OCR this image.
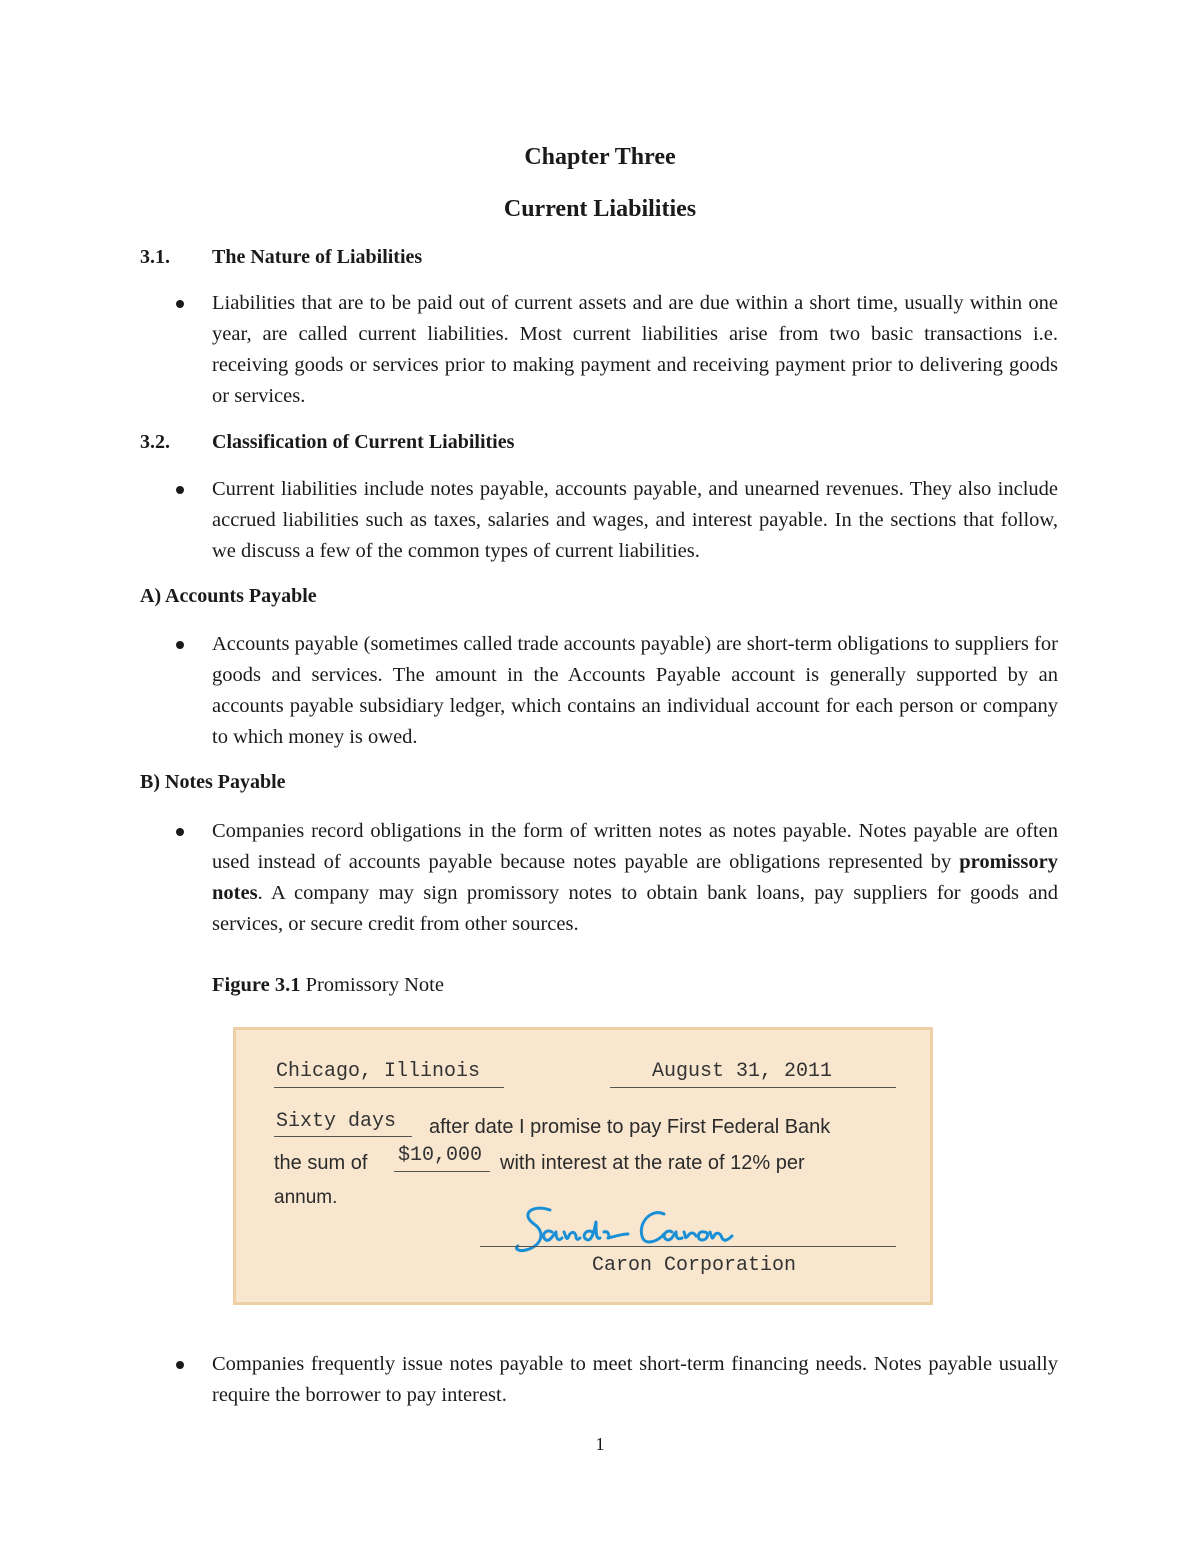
Chapter Three
Current Liabilities
3.1. The Nature of Liabilities

Liabilities that are to be paid out of current assets and are due within a short time, usually within one year, are called current liabilities. Most current liabilities arise from two basic transactions i.e. receiving goods or services prior to making payment and receiving payment prior to delivering goods or services.

3.2. Classification of Current Liabilities

Current liabilities include notes payable, accounts payable, and unearned revenues. They also include accrued liabilities such as taxes, salaries and wages, and interest payable. In the sections that follow, we discuss a few of the common types of current liabilities.

A) Accounts Payable

Accounts payable (sometimes called trade accounts payable) are short-term obligations to suppliers for goods and services. The amount in the Accounts Payable account is generally supported by an accounts payable subsidiary ledger, which contains an individual account for each person or company to which money is owed.

B) Notes Payable

Companies record obligations in the form of written notes as notes payable. Notes payable are often used instead of accounts payable because notes payable are obligations represented by promissory notes. A company may sign promissory notes to obtain bank loans, pay suppliers for goods and services, or secure credit from other sources.

Figure 3.1 Promissory Note
Chicago, Illinois	August 31, 2011
Sixty days after date I promise to pay First Federal Bank
the sum of $10,000 with interest at the rate of 12% per
annum.
Caron Corporation

Companies frequently issue notes payable to meet short-term financing needs. Notes payable usually require the borrower to pay interest.

1
